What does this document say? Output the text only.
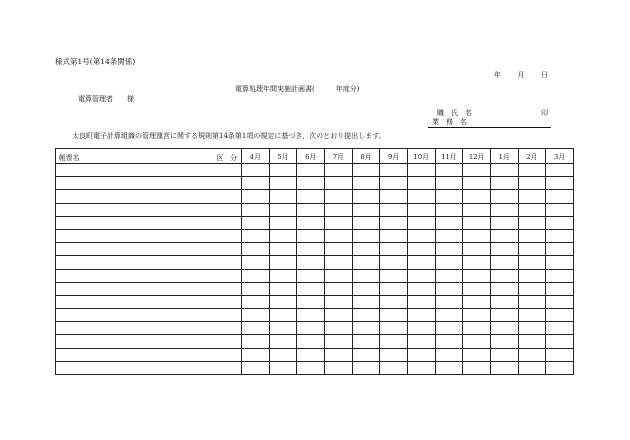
様式第1号(第14条関係)
年 月 日
電算処理年間実施計画書(　　　年度分)
電算管理者　　様
職　氏　名	印
業　務　名
太良町電子計算組織の管理運営に関する規則第14条第1項の規定に基づき、次のとおり提出します。
帳票名 区　分	4月	5月	6月	7月	8月	9月	10月	11月	12月	1月	2月	3月
